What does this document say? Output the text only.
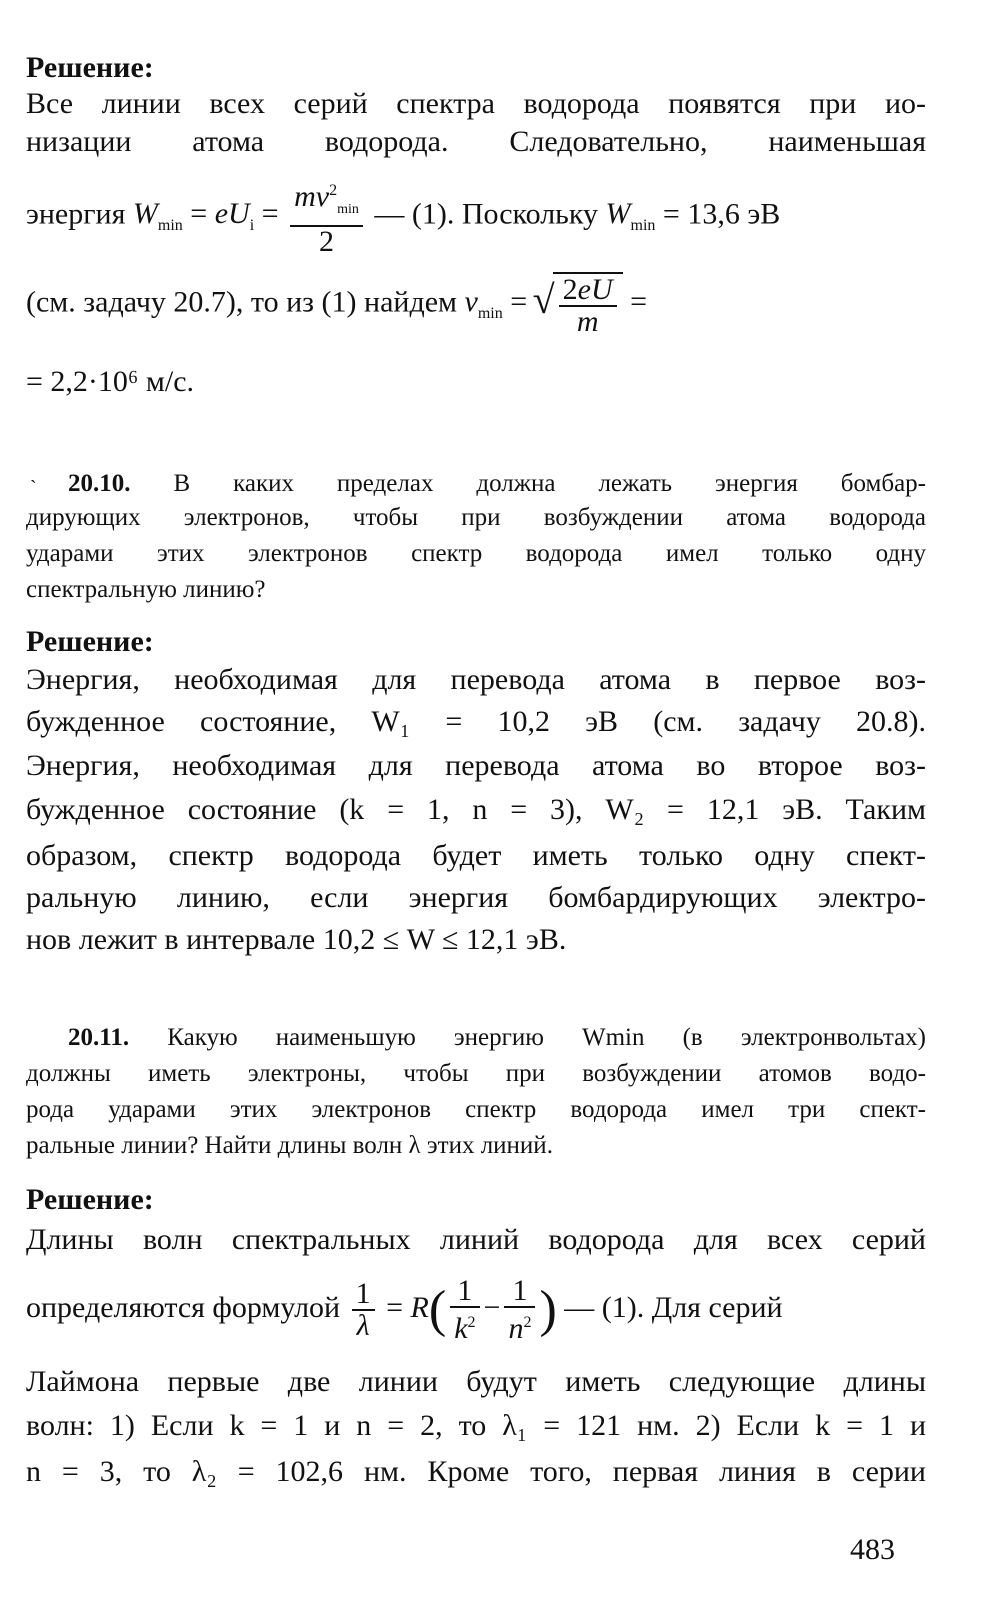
Решение:
Все линии всех серий спектра водорода появятся при ио-
низации атома водорода. Следовательно, наименьшая
энергия $W_{min} = eU_i = \frac{mv^2_{min}}{2}$ — (1). Поскольку $W_{min} = 13,6$ эВ
(см. задачу 20.7), то из (1) найдем $v_{min}$ =
√ $\frac{2eU}{m}$ =
= 2,2·10⁶ м/с.
` 20.10. В каких пределах должна лежать энергия бомбар-
дирующих электронов, чтобы при возбуждении атома водорода
ударами этих электронов спектр водорода имел только одну
спектральную линию?
Решение:
Энергия, необходимая для перевода атома в первое воз-
бужденное состояние, W₁ = 10,2 эВ (см. задачу 20.8).
Энергия, необходимая для перевода атома во второе воз-
бужденное состояние (k = 1, n = 3), W₂ = 12,1 эВ. Таким
образом, спектр водорода будет иметь только одну спект-
ральную линию, если энергия бомбардирующих электро-
нов лежит в интервале 10,2 ≤ W ≤ 12,1 эВ.
20.11. Какую наименьшую энергию Wmin (в электронвольтах)
должны иметь электроны, чтобы при возбуждении атомов водо-
рода ударами этих электронов спектр водорода имел три спект-
ральные линии? Найти длины волн λ этих линий.
Решение:
Длины волн спектральных линий водорода для всех серий
определяются формулой $\frac{1}{\lambda} = R( \frac{1}{k^2} - \frac{1}{n^2}$ ) — (1). Для серий
Лаймона первые две линии будут иметь следующие длины
волн: 1) Если k = 1 и n = 2, то λ₁ = 121 нм. 2) Если k = 1 и
n = 3, то λ₂ = 102,6 нм. Кроме того, первая линия в серии
483
